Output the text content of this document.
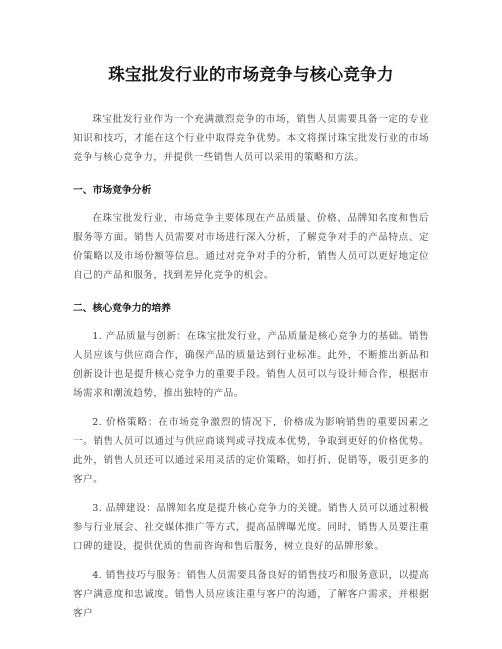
珠宝批发行业的市场竞争与核心竞争力

珠宝批发行业作为一个充满激烈竞争的市场，销售人员需要具备一定的专业知识和技巧，才能在这个行业中取得竞争优势。本文将探讨珠宝批发行业的市场竞争与核心竞争力，并提供一些销售人员可以采用的策略和方法。

一、市场竞争分析

在珠宝批发行业，市场竞争主要体现在产品质量、价格、品牌知名度和售后服务等方面。销售人员需要对市场进行深入分析，了解竞争对手的产品特点、定价策略以及市场份额等信息。通过对竞争对手的分析，销售人员可以更好地定位自己的产品和服务，找到差异化竞争的机会。

二、核心竞争力的培养

1. 产品质量与创新：在珠宝批发行业，产品质量是核心竞争力的基础。销售人员应该与供应商合作，确保产品的质量达到行业标准。此外，不断推出新品和创新设计也是提升核心竞争力的重要手段。销售人员可以与设计师合作，根据市场需求和潮流趋势，推出独特的产品。

2. 价格策略：在市场竞争激烈的情况下，价格成为影响销售的重要因素之一。销售人员可以通过与供应商谈判或寻找成本优势，争取到更好的价格优势。此外，销售人员还可以通过采用灵活的定价策略，如打折、促销等，吸引更多的客户。

3. 品牌建设：品牌知名度是提升核心竞争力的关键。销售人员可以通过积极参与行业展会、社交媒体推广等方式，提高品牌曝光度。同时，销售人员要注重口碑的建设，提供优质的售前咨询和售后服务，树立良好的品牌形象。

4. 销售技巧与服务：销售人员需要具备良好的销售技巧和服务意识，以提高客户满意度和忠诚度。销售人员应该注重与客户的沟通，了解客户需求，并根据客户
